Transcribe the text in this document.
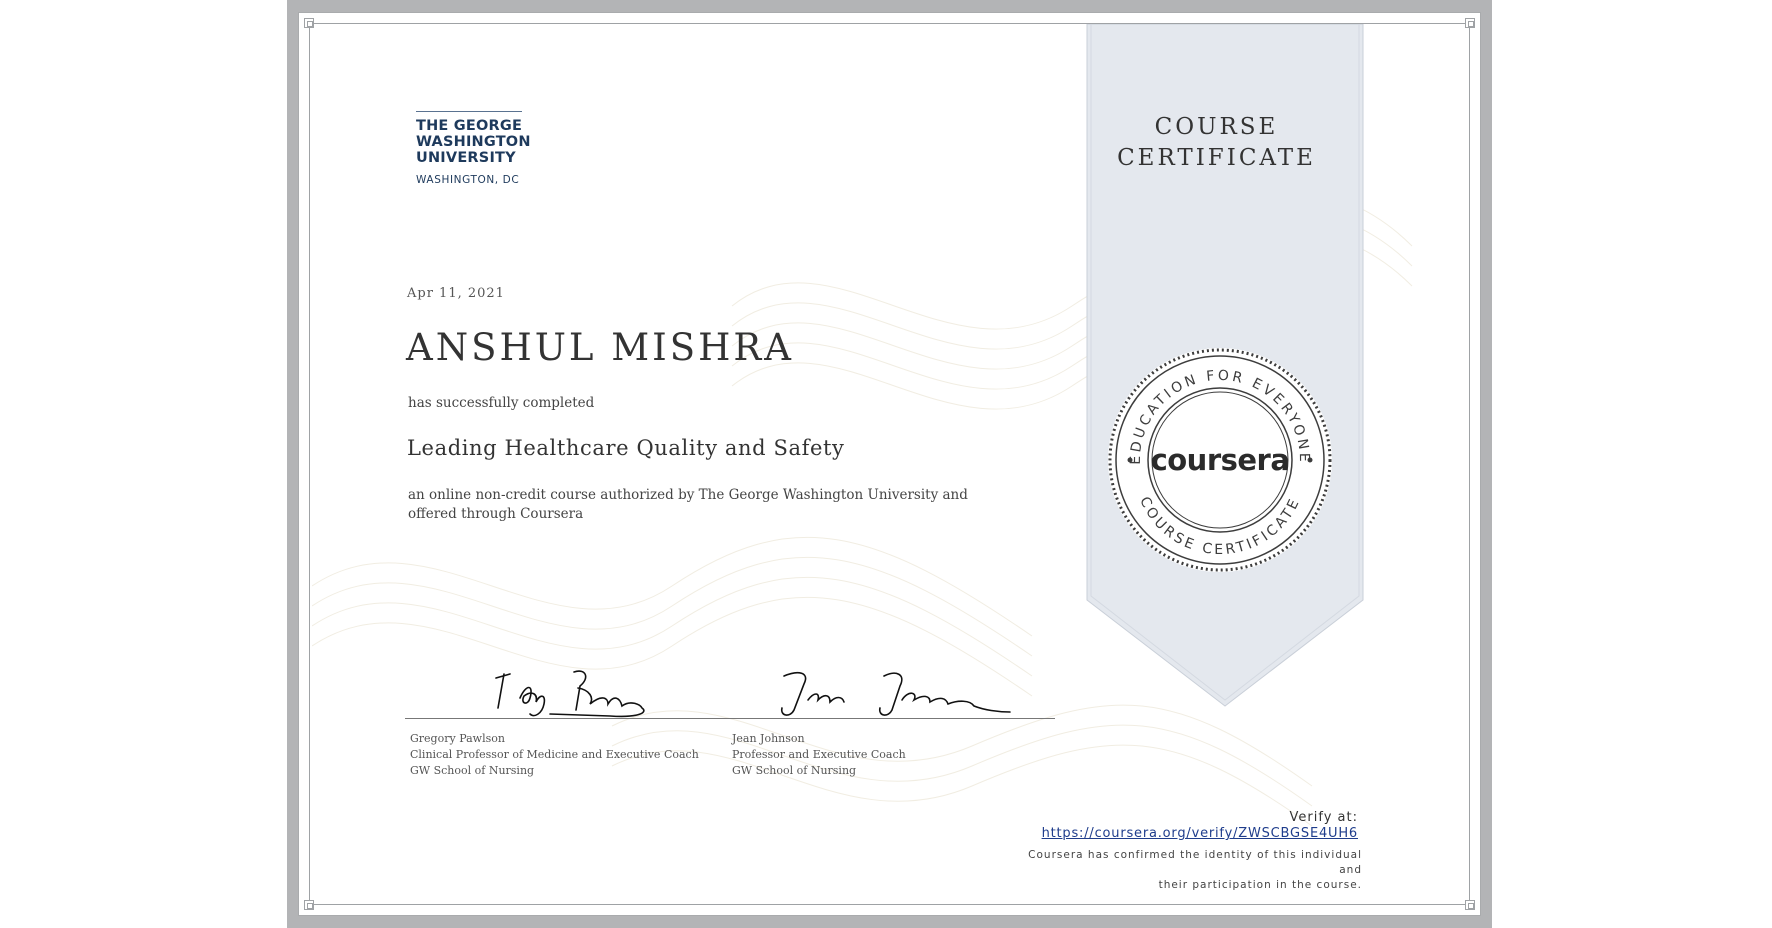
THE GEORGE
WASHINGTON
UNIVERSITY
WASHINGTON, DC
Apr 11, 2021
ANSHUL MISHRA
has successfully completed
Leading Healthcare Quality and Safety
an online non-credit course authorized by The George Washington University and offered through Coursera
Gregory Pawlson
Clinical Professor of Medicine and Executive Coach
GW School of Nursing
Jean Johnson
Professor and Executive Coach
GW School of Nursing
COURSE
CERTIFICATE
EDUCATION FOR EVERYONE
COURSE CERTIFICATE
coursera
Verify at:
https://coursera.org/verify/ZWSCBGSE4UH6
Coursera has confirmed the identity of this individual and
their participation in the course.
